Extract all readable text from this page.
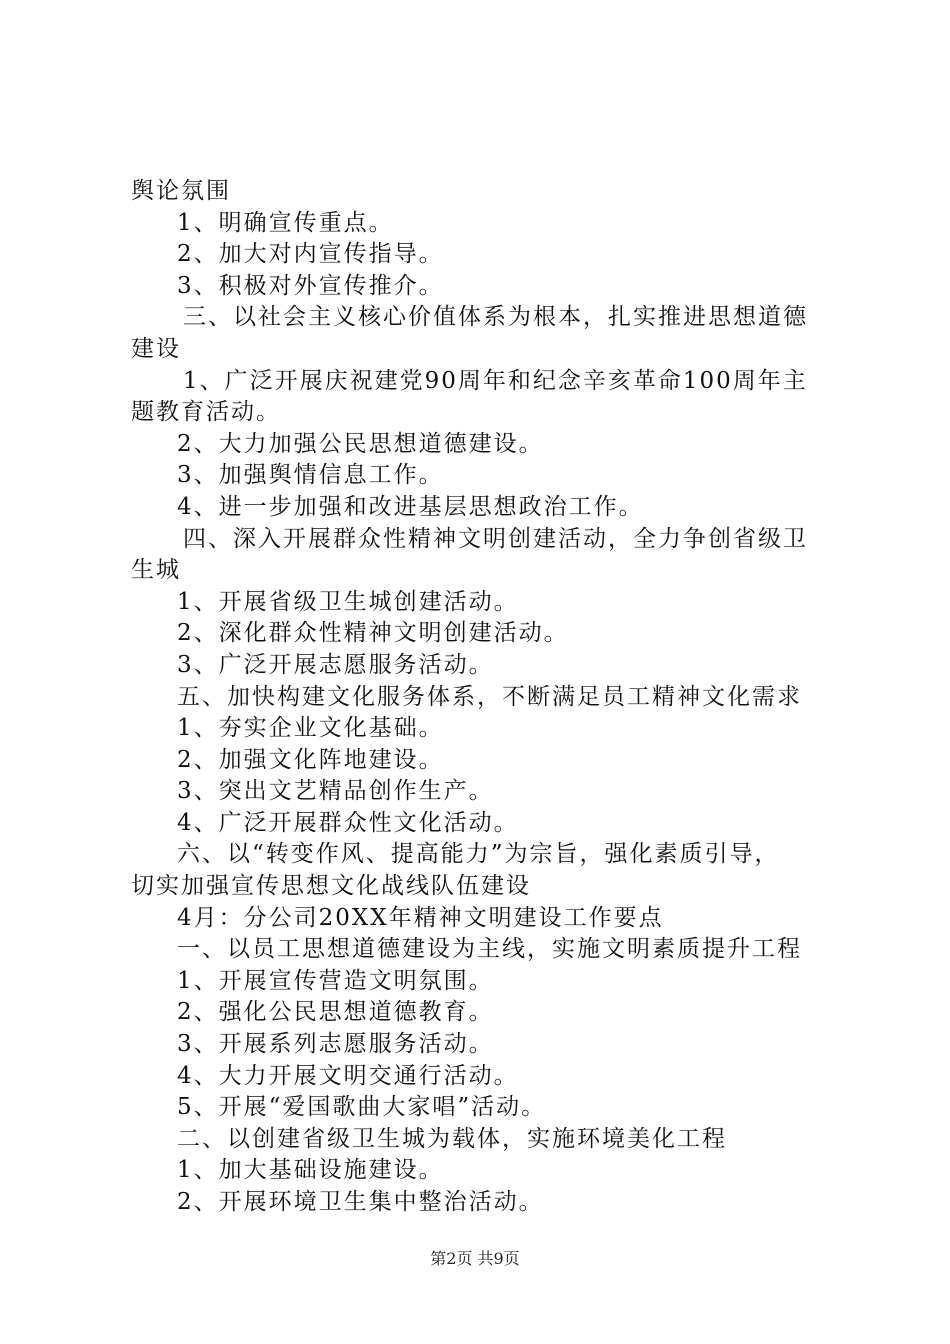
舆论氛围
1、明确宣传重点。
2、加大对内宣传指导。
3、积极对外宣传推介。
三、以社会主义核心价值体系为根本，扎实推进思想道德
建设
1、广泛开展庆祝建党90周年和纪念辛亥革命100周年主
题教育活动。
2、大力加强公民思想道德建设。
3、加强舆情信息工作。
4、进一步加强和改进基层思想政治工作。
四、深入开展群众性精神文明创建活动，全力争创省级卫
生城
1、开展省级卫生城创建活动。
2、深化群众性精神文明创建活动。
3、广泛开展志愿服务活动。
五、加快构建文化服务体系，不断满足员工精神文化需求
1、夯实企业文化基础。
2、加强文化阵地建设。
3、突出文艺精品创作生产。
4、广泛开展群众性文化活动。
六、以“转变作风、提高能力”为宗旨，强化素质引导，
切实加强宣传思想文化战线队伍建设
4月：分公司20XX年精神文明建设工作要点
一、以员工思想道德建设为主线，实施文明素质提升工程
1、开展宣传营造文明氛围。
2、强化公民思想道德教育。
3、开展系列志愿服务活动。
4、大力开展文明交通行活动。
5、开展“爱国歌曲大家唱”活动。
二、以创建省级卫生城为载体，实施环境美化工程
1、加大基础设施建设。
2、开展环境卫生集中整治活动。
第2页 共9页
